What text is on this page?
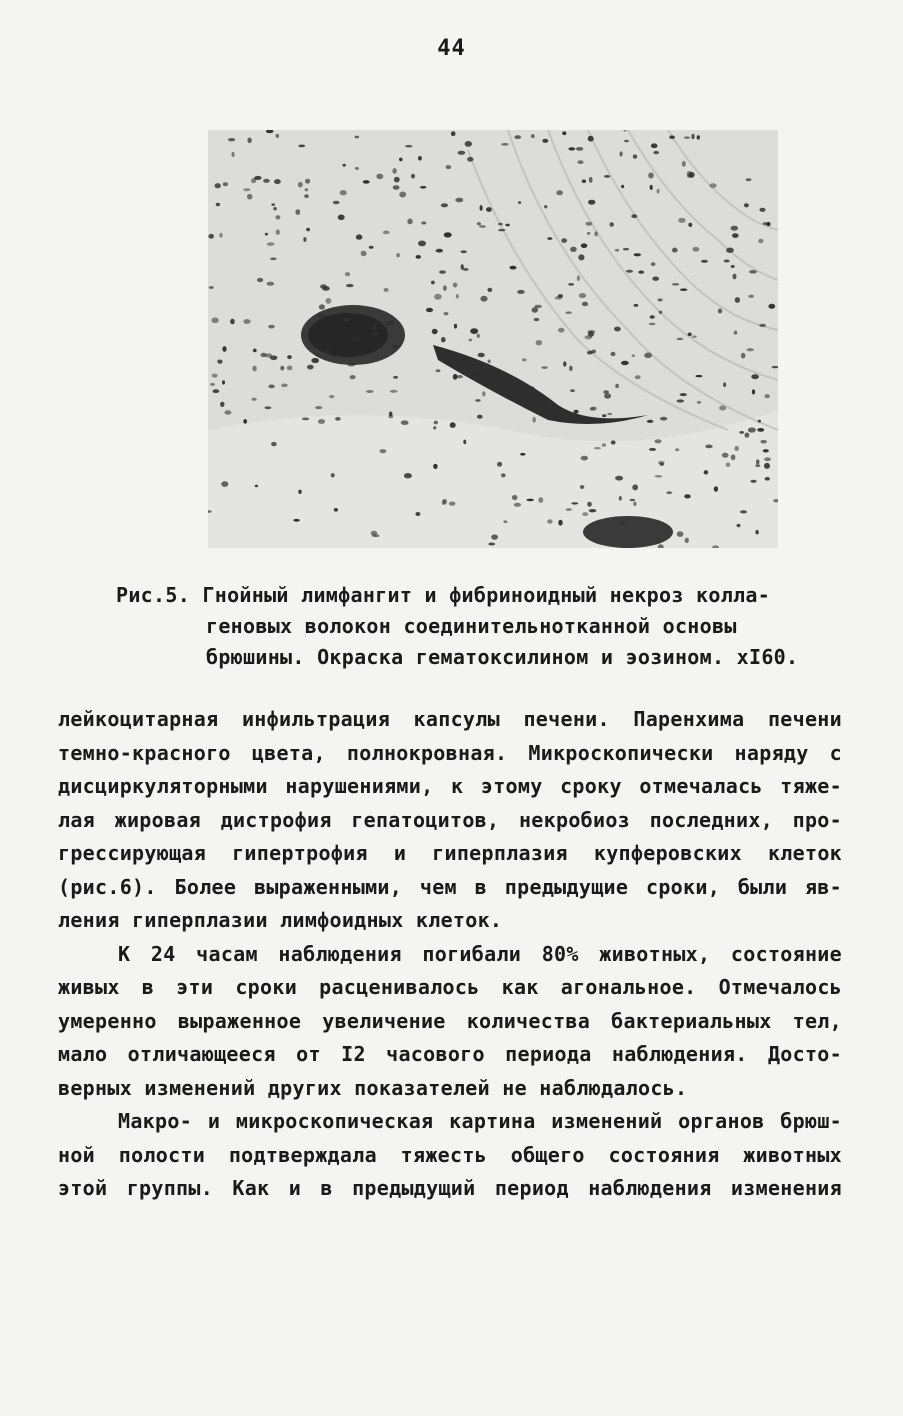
44
Рис.5. Гнойный лимфангит и фибриноидный некроз колла-
геновых волокон соединительнотканной основы
брюшины. Окраска гематоксилином и эозином. xI60.
лейкоцитарная инфильтрация капсулы печени. Паренхима печени
темно-красного цвета, полнокровная. Микроскопически наряду с
дисциркуляторными нарушениями, к этому сроку отмечалась тяже-
лая жировая дистрофия гепатоцитов, некробиоз последних, про-
грессирующая гипертрофия и гиперплазия купферовских клеток
(рис.6). Более выраженными, чем в предыдущие сроки, были яв-
ления гиперплазии лимфоидных клеток.
К 24 часам наблюдения погибали 80% животных, состояние
живых в эти сроки расценивалось как агональное. Отмечалось
умеренно выраженное увеличение количества бактериальных тел,
мало отличающееся от I2 часового периода наблюдения. Досто-
верных изменений других показателей не наблюдалось.
Макро- и микроскопическая картина изменений органов брюш-
ной полости подтверждала тяжесть общего состояния животных
этой группы. Как и в предыдущий период наблюдения изменения
